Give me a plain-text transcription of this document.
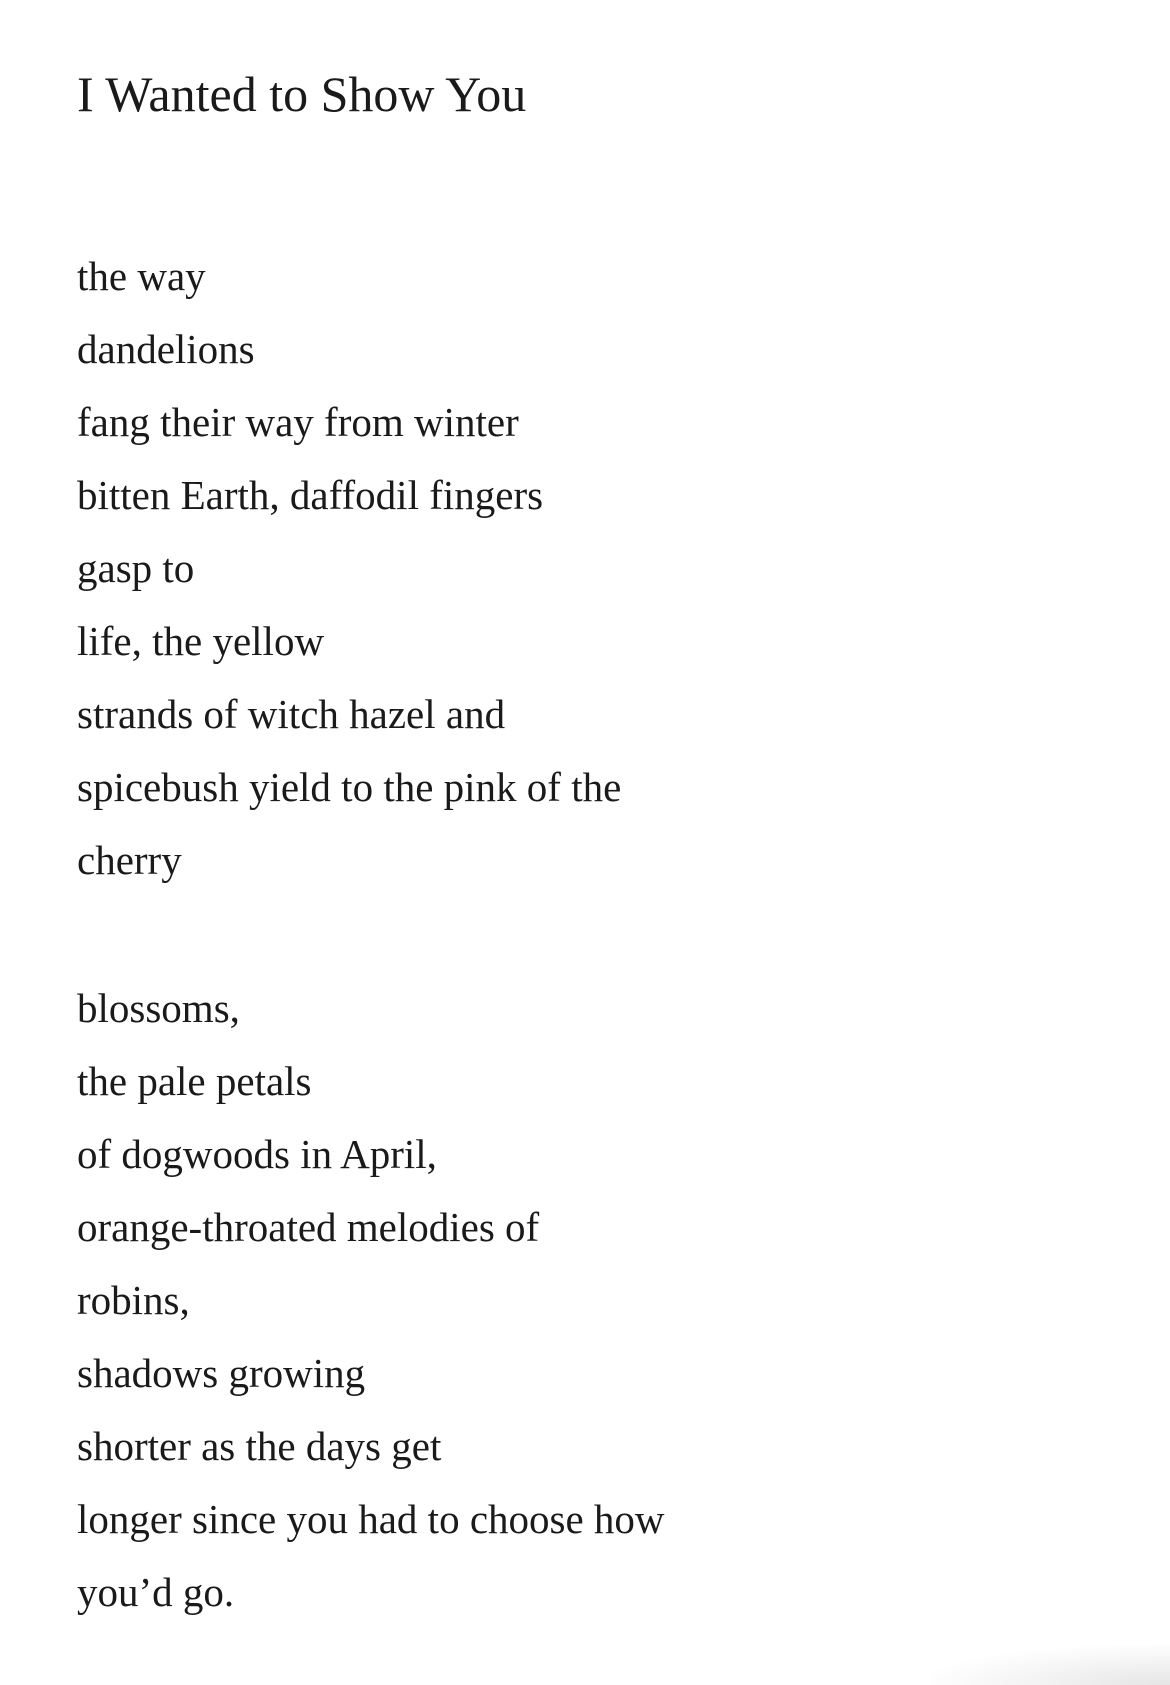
I Wanted to Show You
the way
dandelions
fang their way from winter
bitten Earth, daffodil fingers
gasp to
life, the yellow
strands of witch hazel and
spicebush yield to the pink of the
cherry
blossoms,
the pale petals
of dogwoods in April,
orange-throated melodies of
robins,
shadows growing
shorter as the days get
longer since you had to choose how
you’d go.
